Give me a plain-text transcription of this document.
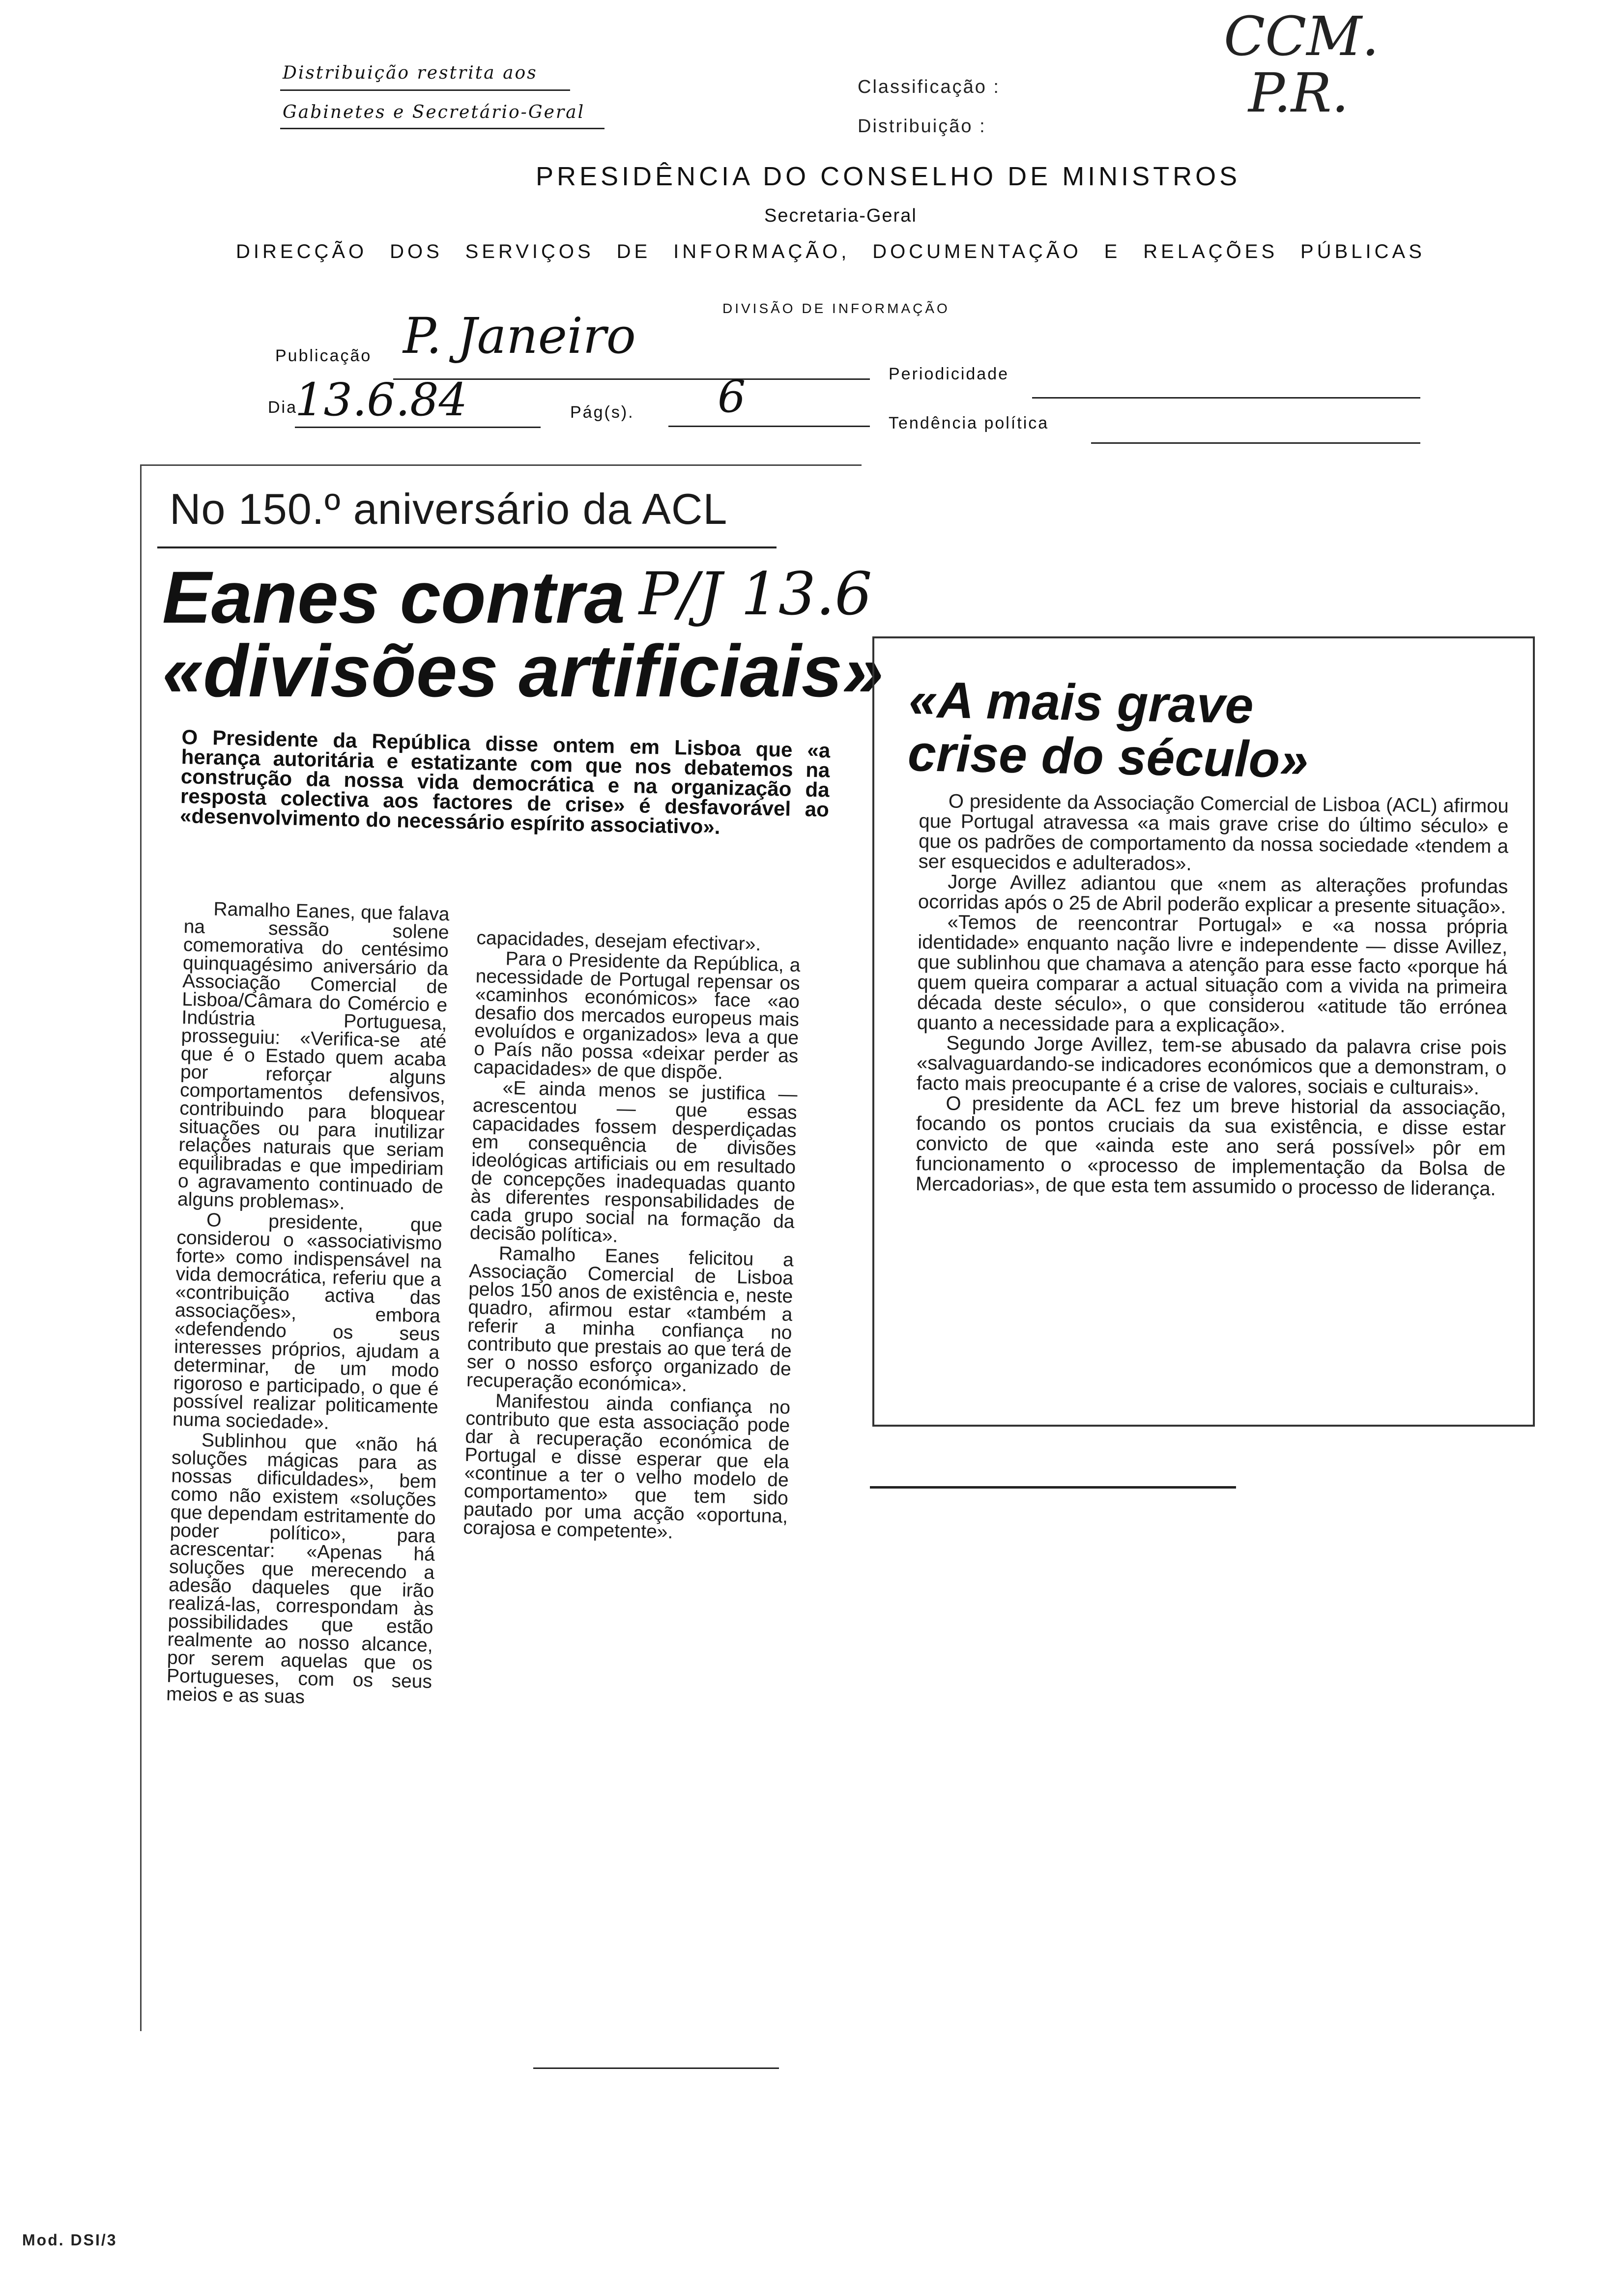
Distribuição restrita aos
Gabinetes e Secretário-Geral
Classificação :
Distribuição :
CCM.
P.R.
PRESIDÊNCIA DO CONSELHO DE MINISTROS
Secretaria-Geral
DIRECÇÃO DOS SERVIÇOS DE INFORMAÇÃO, DOCUMENTAÇÃO E RELAÇÕES PÚBLICAS
DIVISÃO DE INFORMAÇÃO
Publicação P. Janeiro
Dia
13.6.84	Pág(s). 6	Periodicidade
Tendência política
No 150.º aniversário da ACL
Eanes contra
«divisões artificiais»
P/J 13.6
O Presidente da República disse ontem em Lisboa que «a herança autoritária e estatizante com que nos debatemos na construção da nossa vida democrática e na organização da resposta colectiva aos factores de crise» é desfavorável ao «desenvolvimento do necessário espírito associativo».

Ramalho Eanes, que falava na sessão solene comemorativa do centésimo quinquagésimo aniversário da Associação Comercial de Lisboa/Câmara do Comércio e Indústria Portuguesa, prosseguiu: «Verifica-se até que é o Estado quem acaba por reforçar alguns comportamentos defensivos, contribuindo para bloquear situações ou para inutilizar relações naturais que seriam equilibradas e que impediriam o agravamento continuado de alguns problemas».

O presidente, que considerou o «associativismo forte» como indispensável na vida democrática, referiu que a «contribuição activa das associações», embora «defendendo os seus interesses próprios, ajudam a determinar, de um modo rigoroso e participado, o que é possível realizar politicamente numa sociedade».

Sublinhou que «não há soluções mágicas para as nossas dificuldades», bem como não existem «soluções que dependam estritamente do poder político», para acrescentar: «Apenas há soluções que merecendo a adesão daqueles que irão realizá-las, correspondam às possibilidades que estão realmente ao nosso alcance, por serem aquelas que os Portugueses, com os seus meios e as suas

capacidades, desejam efectivar».

Para o Presidente da República, a necessidade de Portugal repensar os «caminhos económicos» face «ao desafio dos mercados europeus mais evoluídos e organizados» leva a que o País não possa «deixar perder as capacidades» de que dispõe.

«E ainda menos se justifica — acrescentou — que essas capacidades fossem desperdiçadas em consequência de divisões ideológicas artificiais ou em resultado de concepções inadequadas quanto às diferentes responsabilidades de cada grupo social na formação da decisão política».

Ramalho Eanes felicitou a Associação Comercial de Lisboa pelos 150 anos de existência e, neste quadro, afirmou estar «também a referir a minha confiança no contributo que prestais ao que terá de ser o nosso esforço organizado de recuperação económica».

Manifestou ainda confiança no contributo que esta associação pode dar à recuperação económica de Portugal e disse esperar que ela «continue a ter o velho modelo de comportamento» que tem sido pautado por uma acção «oportuna, corajosa e competente».

«A mais grave
crise do século»

O presidente da Associação Comercial de Lisboa (ACL) afirmou que Portugal atravessa «a mais grave crise do último século» e que os padrões de comportamento da nossa sociedade «tendem a ser esquecidos e adulterados».

Jorge Avillez adiantou que «nem as alterações profundas ocorridas após o 25 de Abril poderão explicar a presente situação».

«Temos de reencontrar Portugal» e «a nossa própria identidade» enquanto nação livre e independente — disse Avillez, que sublinhou que chamava a atenção para esse facto «porque há quem queira comparar a actual situação com a vivida na primeira década deste século», o que considerou «atitude tão errónea quanto a necessidade para a explicação».

Segundo Jorge Avillez, tem-se abusado da palavra crise pois «salvaguardando-se indicadores económicos que a demonstram, o facto mais preocupante é a crise de valores, sociais e culturais».

O presidente da ACL fez um breve historial da associação, focando os pontos cruciais da sua existência, e disse estar convicto de que «ainda este ano será possível» pôr em funcionamento o «processo de implementação da Bolsa de Mercadorias», de que esta tem assumido o processo de liderança.

Mod. DSI/3
